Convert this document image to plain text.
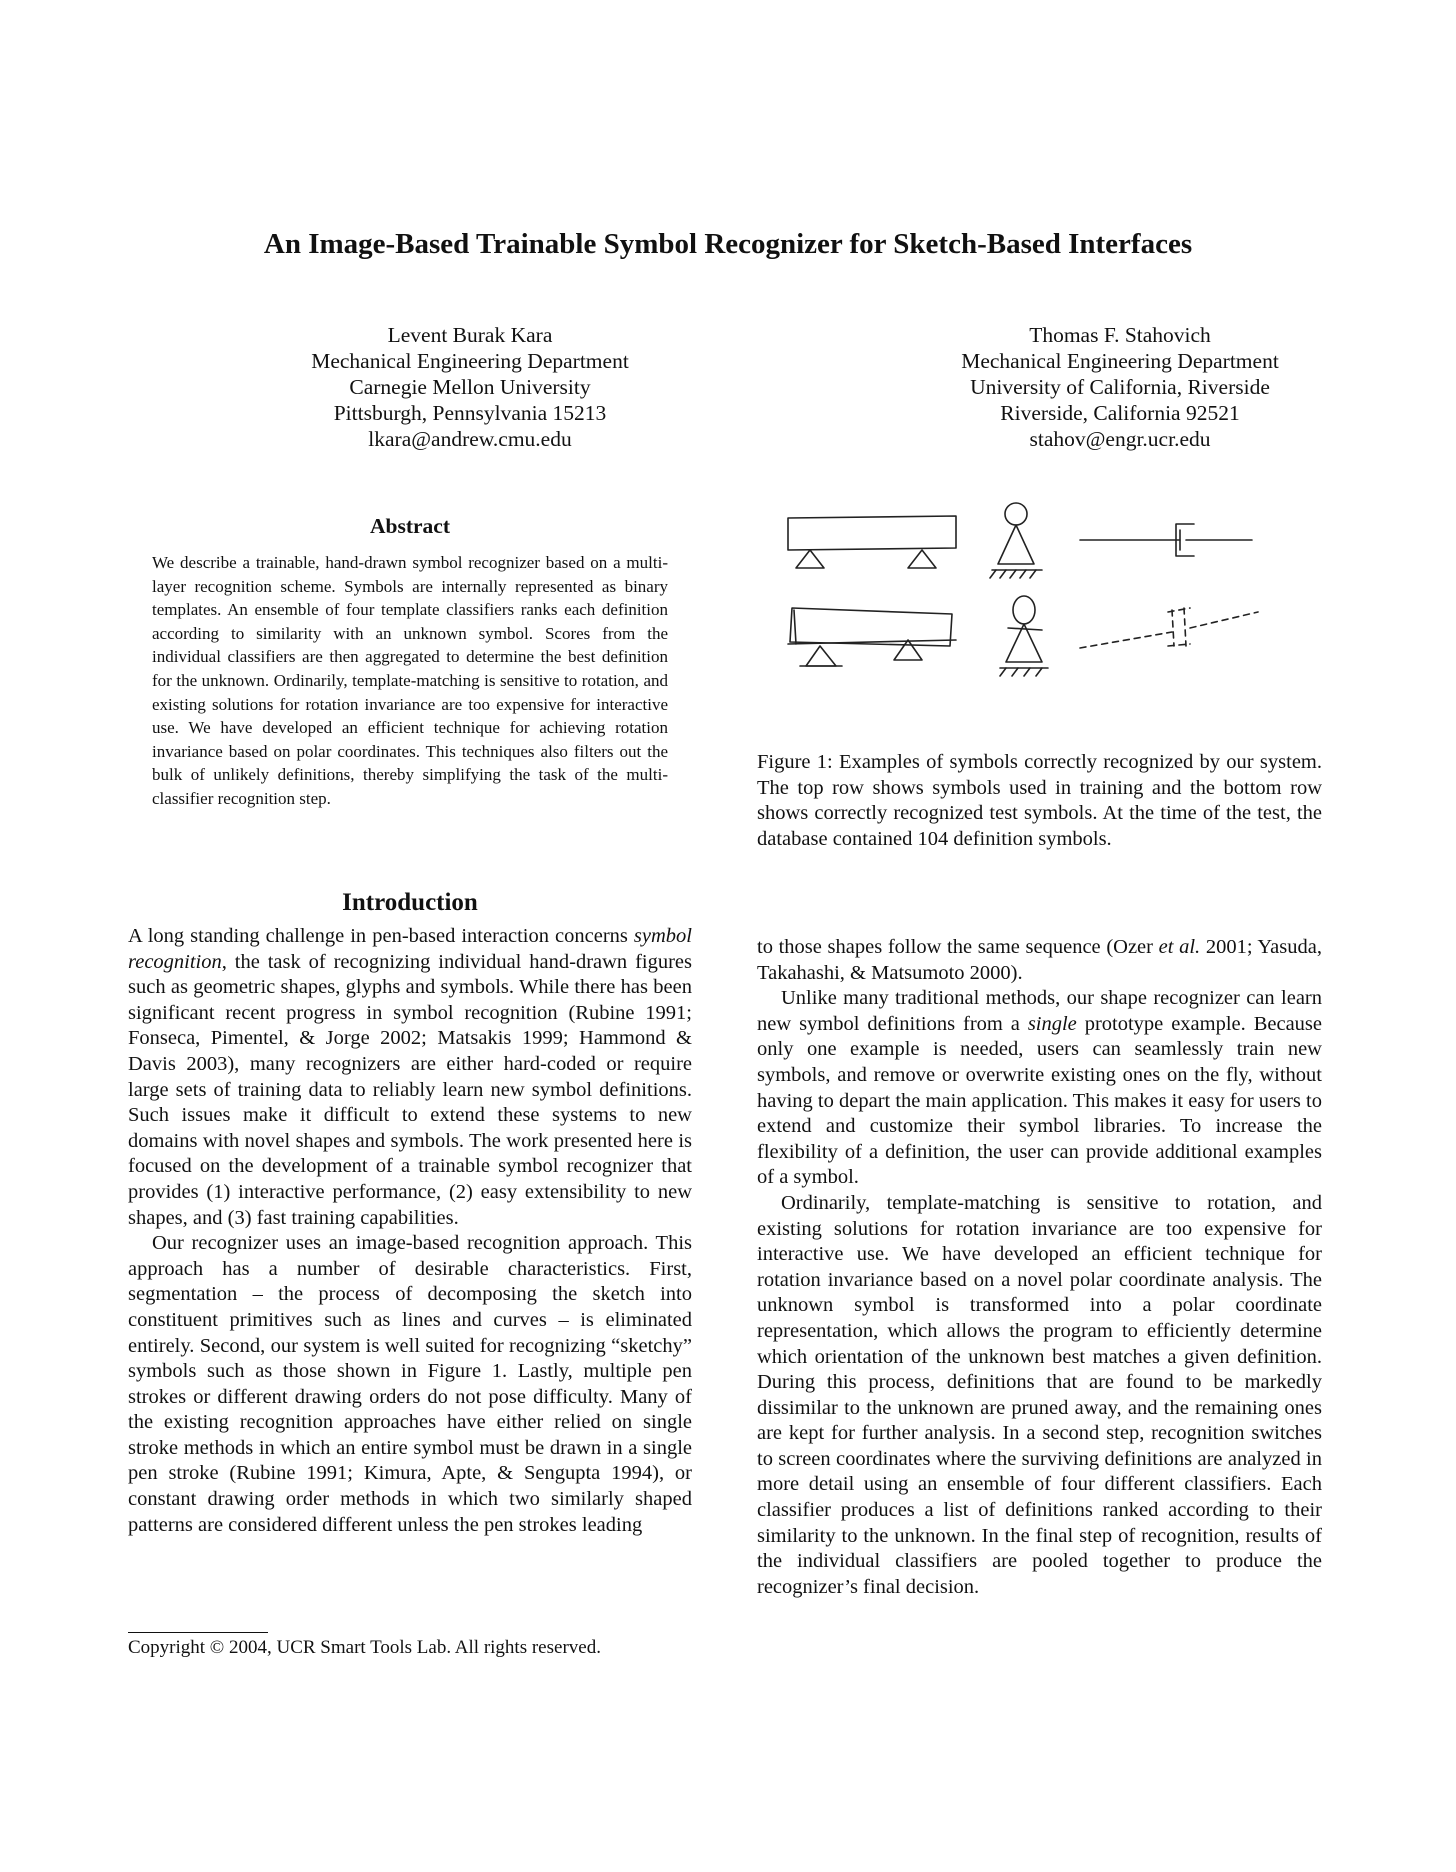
An Image-Based Trainable Symbol Recognizer for Sketch-Based Interfaces
Levent Burak Kara
Mechanical Engineering Department
Carnegie Mellon University
Pittsburgh, Pennsylvania 15213
lkara@andrew.cmu.edu
Thomas F. Stahovich
Mechanical Engineering Department
University of California, Riverside
Riverside, California 92521
stahov@engr.ucr.edu
Abstract
We describe a trainable, hand-drawn symbol recognizer based on a multi-layer recognition scheme. Symbols are internally represented as binary templates. An ensemble of four template classifiers ranks each definition according to similarity with an unknown symbol. Scores from the individual classifiers are then aggregated to determine the best definition for the unknown. Ordinarily, template-matching is sensitive to rotation, and existing solutions for rotation invariance are too expensive for interactive use. We have developed an efficient technique for achieving rotation invariance based on polar coordinates. This techniques also filters out the bulk of unlikely definitions, thereby simplifying the task of the multi-classifier recognition step.
Figure 1: Examples of symbols correctly recognized by our system. The top row shows symbols used in training and the bottom row shows correctly recognized test symbols. At the time of the test, the database contained 104 definition symbols.
Introduction

A long standing challenge in pen-based interaction concerns symbol recognition, the task of recognizing individual hand-drawn figures such as geometric shapes, glyphs and symbols. While there has been significant recent progress in symbol recognition (Rubine 1991; Fonseca, Pimentel, & Jorge 2002; Matsakis 1999; Hammond & Davis 2003), many recognizers are either hard-coded or require large sets of training data to reliably learn new symbol definitions. Such issues make it difficult to extend these systems to new domains with novel shapes and symbols. The work presented here is focused on the development of a trainable symbol recognizer that provides (1) interactive performance, (2) easy extensibility to new shapes, and (3) fast training capabilities.

Our recognizer uses an image-based recognition approach. This approach has a number of desirable characteristics. First, segmentation – the process of decomposing the sketch into constituent primitives such as lines and curves – is eliminated entirely. Second, our system is well suited for recognizing “sketchy” symbols such as those shown in Figure 1. Lastly, multiple pen strokes or different drawing orders do not pose difficulty. Many of the existing recognition approaches have either relied on single stroke methods in which an entire symbol must be drawn in a single pen stroke (Rubine 1991; Kimura, Apte, & Sengupta 1994), or constant drawing order methods in which two similarly shaped patterns are considered different unless the pen strokes leading

to those shapes follow the same sequence (Ozer et al. 2001; Yasuda, Takahashi, & Matsumoto 2000).

Unlike many traditional methods, our shape recognizer can learn new symbol definitions from a single prototype example. Because only one example is needed, users can seamlessly train new symbols, and remove or overwrite existing ones on the fly, without having to depart the main application. This makes it easy for users to extend and customize their symbol libraries. To increase the flexibility of a definition, the user can provide additional examples of a symbol.

Ordinarily, template-matching is sensitive to rotation, and existing solutions for rotation invariance are too expensive for interactive use. We have developed an efficient technique for rotation invariance based on a novel polar coordinate analysis. The unknown symbol is transformed into a polar coordinate representation, which allows the program to efficiently determine which orientation of the unknown best matches a given definition. During this process, definitions that are found to be markedly dissimilar to the unknown are pruned away, and the remaining ones are kept for further analysis. In a second step, recognition switches to screen coordinates where the surviving definitions are analyzed in more detail using an ensemble of four different classifiers. Each classifier produces a list of definitions ranked according to their similarity to the unknown. In the final step of recognition, results of the individual classifiers are pooled together to produce the recognizer’s final decision.

Copyright © 2004, UCR Smart Tools Lab. All rights reserved.
